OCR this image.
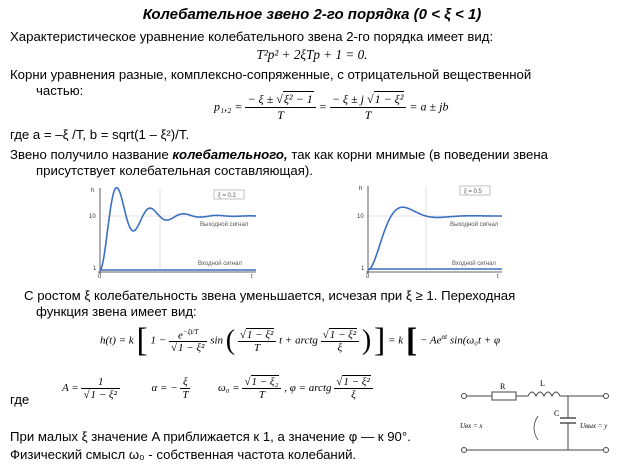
Колебательное звено 2-го порядка (0 < ξ < 1)
Характеристическое уравнение колебательного звена 2-го порядка имеет вид:
T²p² + 2ξTp + 1 = 0.
Корни уравнения разные, комплексно-сопряженные, с отрицательной вещественной
частью:
$p_1,_2 = \frac{\text{− ξ ± √ξ² − 1}}{T} = \frac{\text{− ξ ± j √1 − ξ²}}{T} = a$ ± jb
где a = –ξ /T, b = sqrt(1 – ξ²)/T.
Звено получило название колебательного, так как корни мнимые (в поведении звена
присутствует колебательная составляющая).
ξ = 0.2
Выходной сигнал
Входной сигнал
h
10
1
0	t
ξ = 0.5
Выходной сигнал
Входной сигнал
h
10
1
0	t
С ростом ξ колебательность звена уменьшается, исчезая при ξ ≥ 1. Переходная
функция звена имеет вид:
h(t) = k [ $1 - \frac{e^{-\xi t/T}}{\text{√1 − ξ²}}$ sin ( $\frac{\text{√1 − ξ²}}{T}$ t + arctg $\frac{\text{√1 − ξ²}}{\xi}$ ) ] = k [ − $Ae^{\alpha t}$ sin(ω₀t + φ
где
$A = \frac{1}{\text{√1 − ξ²}}$	α = − $\frac{\xi}{T}$	$\omega_0 = \frac{\text{√1 − ξ₂}}{T}$ , φ = arctg $\frac{\text{√1 − ξ²}}{\xi}$	R	L
C
Uвх = x	Uвых = y
При малых ξ значение A приближается к 1, а значение φ — к 90°.
Физический смысл ω₀ - собственная частота колебаний.
